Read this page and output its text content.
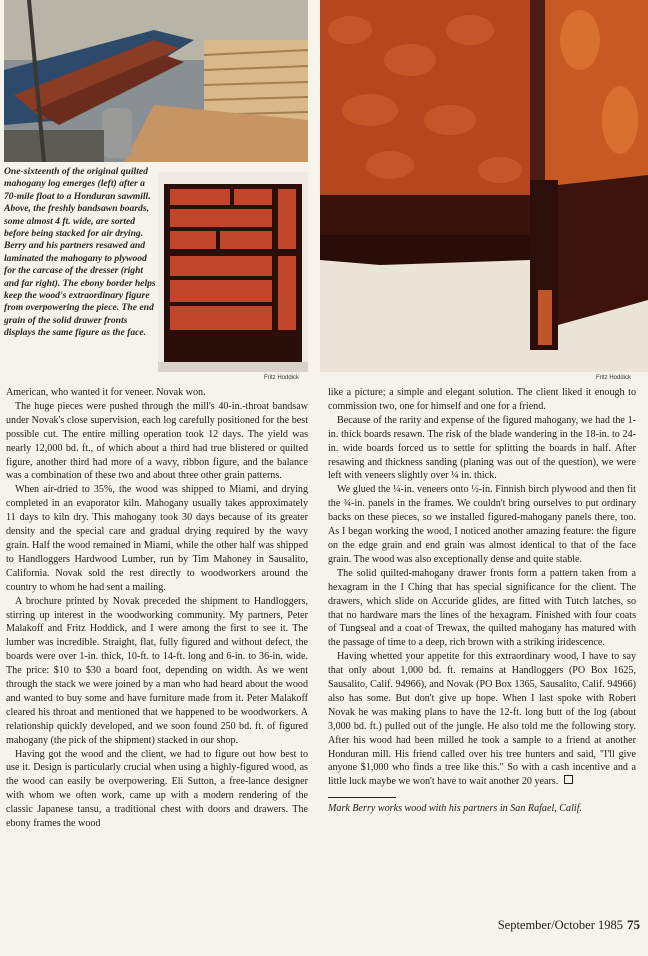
One-sixteenth of the original quilted mahogany log emerges (left) after a 70-mile float to a Honduran sawmill. Above, the freshly bandsawn boards, some almost 4 ft. wide, are sorted before being stacked for air drying. Berry and his partners resawed and laminated the mahogany to plywood for the carcase of the dresser (right and far right). The ebony border helps keep the wood's extraordinary figure from overpowering the piece. The end grain of the solid drawer fronts displays the same figure as the face.
Fritz Hoddick	Fritz Hoddick

American, who wanted it for veneer. Novak won.

The huge pieces were pushed through the mill's 40-in.-throat bandsaw under Novak's close supervision, each log carefully positioned for the best possible cut. The entire milling operation took 12 days. The yield was nearly 12,000 bd. ft., of which about a third had true blistered or quilted figure, another third had more of a wavy, ribbon figure, and the balance was a combination of these two and about three other grain patterns.

When air-dried to 35%, the wood was shipped to Miami, and drying completed in an evaporator kiln. Mahogany usually takes approximately 11 days to kiln dry. This mahogany took 30 days because of its greater density and the special care and gradual drying required by the wavy grain. Half the wood remained in Miami, while the other half was shipped to Handloggers Hardwood Lumber, run by Tim Mahoney in Sausalito, California. Novak sold the rest directly to woodworkers around the country to whom he had sent a mailing.

A brochure printed by Novak preceded the shipment to Handloggers, stirring up interest in the woodworking community. My partners, Peter Malakoff and Fritz Hoddick, and I were among the first to see it. The lumber was incredible. Straight, flat, fully figured and without defect, the boards were over 1-in. thick, 10-ft. to 14-ft. long and 6-in. to 36-in. wide. The price: $10 to $30 a board foot, depending on width. As we went through the stack we were joined by a man who had heard about the wood and wanted to buy some and have furniture made from it. Peter Malakoff cleared his throat and mentioned that we happened to be woodworkers. A relationship quickly developed, and we soon found 250 bd. ft. of figured mahogany (the pick of the shipment) stacked in our shop.

Having got the wood and the client, we had to figure out how best to use it. Design is particularly crucial when using a highly-figured wood, as the wood can easily be overpowering. Eli Sutton, a free-lance designer with whom we often work, came up with a modern rendering of the classic Japanese tansu, a traditional chest with doors and drawers. The ebony frames the wood

like a picture; a simple and elegant solution. The client liked it enough to commission two, one for himself and one for a friend.

Because of the rarity and expense of the figured mahogany, we had the 1-in. thick boards resawn. The risk of the blade wandering in the 18-in. to 24-in. wide boards forced us to settle for splitting the boards in half. After resawing and thickness sanding (planing was out of the question), we were left with veneers slightly over ¼ in. thick.

We glued the ¼-in. veneers onto ½-in. Finnish birch plywood and then fit the ¾-in. panels in the frames. We couldn't bring ourselves to put ordinary backs on these pieces, so we installed figured-mahogany panels there, too. As I began working the wood, I noticed another amazing feature: the figure on the edge grain and end grain was almost identical to that of the face grain. The wood was also exceptionally dense and quite stable.

The solid quilted-mahogany drawer fronts form a pattern taken from a hexagram in the I Ching that has special significance for the client. The drawers, which slide on Accuride glides, are fitted with Tutch latches, so that no hardware mars the lines of the hexagram. Finished with four coats of Tungseal and a coat of Trewax, the quilted mahogany has matured with the passage of time to a deep, rich brown with a striking iridescence.

Having whetted your appetite for this extraordinary wood, I have to say that only about 1,000 bd. ft. remains at Handloggers (PO Box 1625, Sausalito, Calif. 94966), and Novak (PO Box 1365, Sausalito, Calif. 94966) also has some. But don't give up hope. When I last spoke with Robert Novak he was making plans to have the 12-ft. long butt of the log (about 3,000 bd. ft.) pulled out of the jungle. He also told me the following story. After his wood had been milled he took a sample to a friend at another Honduran mill. His friend called over his tree hunters and said, "I'll give anyone $1,000 who finds a tree like this." So with a cash incentive and a little luck maybe we won't have to wait another 20 years.

Mark Berry works wood with his partners in San Rafael, Calif.

September/October 1985 75
